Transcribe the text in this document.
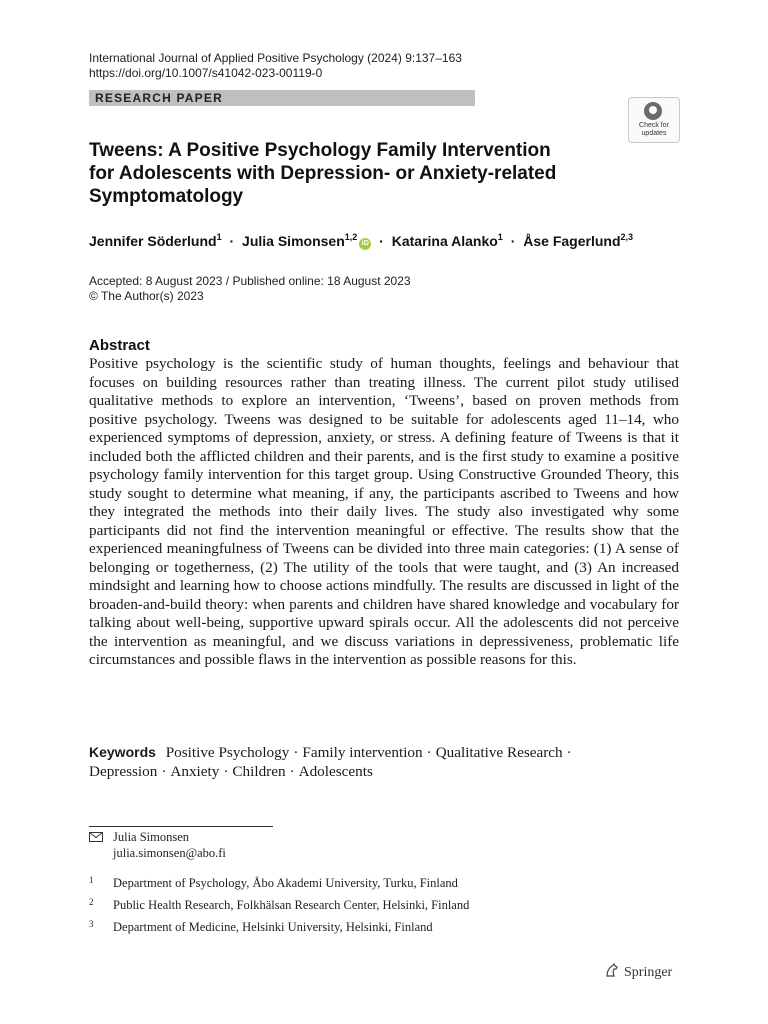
International Journal of Applied Positive Psychology (2024) 9:137–163
https://doi.org/10.1007/s41042-023-00119-0
RESEARCH PAPER
Check for
updates
Tweens: A Positive Psychology Family Intervention
for Adolescents with Depression- or Anxiety-related
Symptomatology
Jennifer Söderlund$^1$ · Julia Simonsen$^{1,2}$iD · Katarina Alanko$^1$ · Åse Fagerlund$^{2,3}$
Accepted: 8 August 2023 / Published online: 18 August 2023
© The Author(s) 2023
Abstract
Positive psychology is the scientific study of human thoughts, feelings and behaviour that focuses on building resources rather than treating illness. The current pilot study utilised qualitative methods to explore an intervention, ‘Tweens’, based on proven methods from positive psychology. Tweens was designed to be suitable for adolescents aged 11–14, who experienced symptoms of depression, anxiety, or stress. A defining feature of Tweens is that it included both the afflicted children and their parents, and is the first study to examine a positive psychology family intervention for this target group. Using Constructive Grounded Theory, this study sought to determine what meaning, if any, the participants ascribed to Tweens and how they integrated the methods into their daily lives. The study also investigated why some participants did not find the intervention meaningful or effective. The results show that the experienced meaningfulness of Tweens can be divided into three main categories: (1) A sense of belonging or togetherness, (2) The utility of the tools that were taught, and (3) An increased mindsight and learning how to choose actions mindfully. The results are discussed in light of the broaden-and-build theory: when parents and children have shared knowledge and vocabulary for talking about well-being, supportive upward spirals occur. All the adolescents did not perceive the intervention as meaningful, and we discuss variations in depressiveness, problematic life circumstances and possible flaws in the intervention as possible reasons for this.
Keywords Positive Psychology · Family intervention · Qualitative Research ·
Depression · Anxiety · Children · Adolescents
Julia Simonsen
julia.simonsen@abo.fi
1 Department of Psychology, Åbo Akademi University, Turku, Finland
2 Public Health Research, Folkhälsan Research Center, Helsinki, Finland
3 Department of Medicine, Helsinki University, Helsinki, Finland
Springer
